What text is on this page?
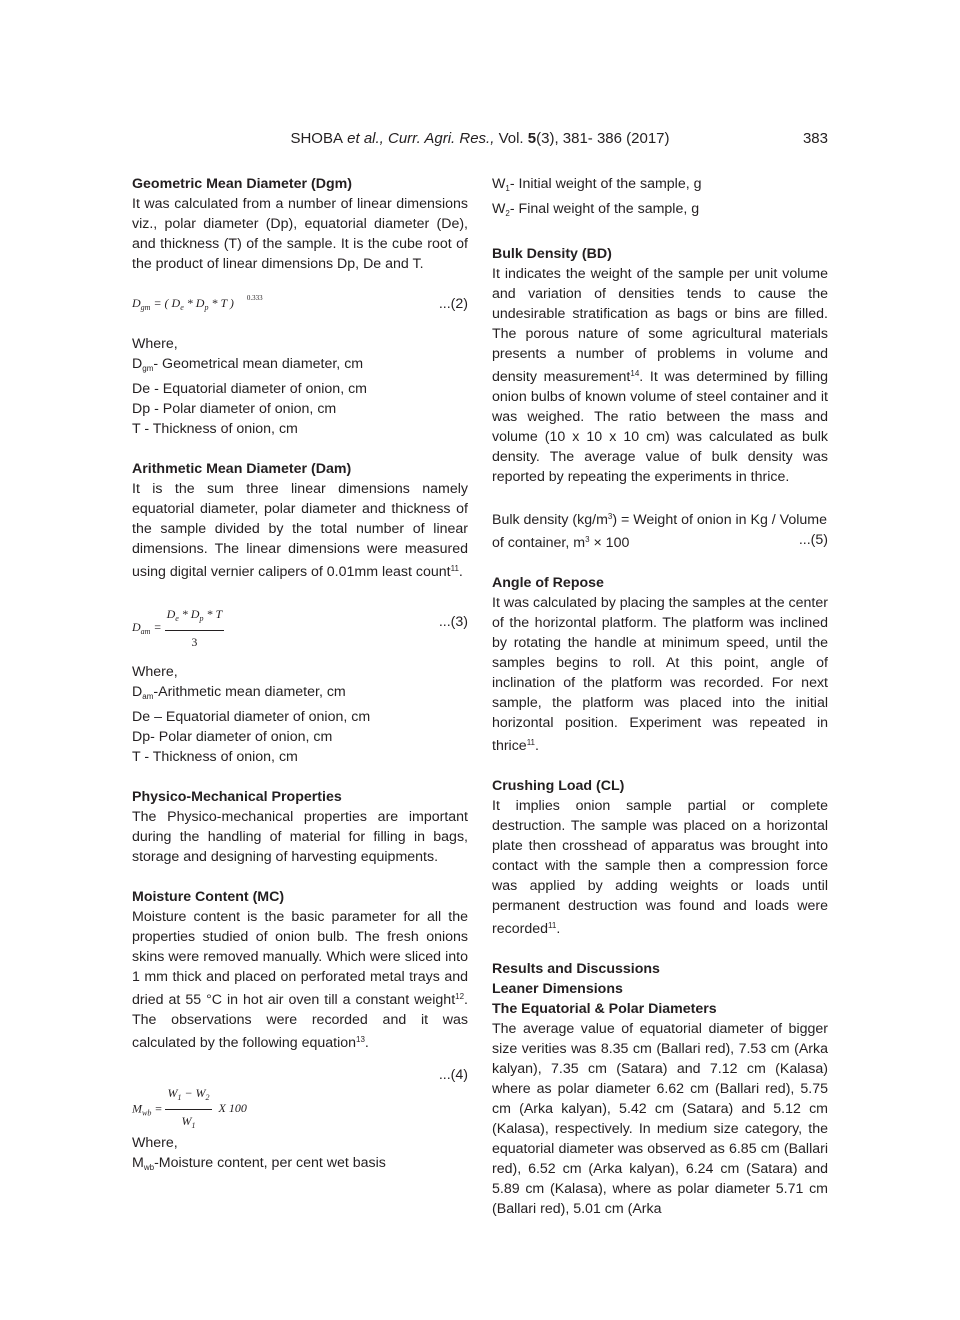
SHOBA et al., Curr. Agri. Res., Vol. 5(3), 381- 386 (2017)	383

Geometric Mean Diameter (Dgm)

It was calculated from a number of linear dimensions viz., polar diameter (Dp), equatorial diameter (De), and thickness (T) of the sample. It is the cube root of the product of linear dimensions Dp, De and T.

$D_{gm}$ = ( $D_e * D_p$ * T ) $^{0.333}$	...(2)

Where,

$D_{gm}-$ Geometrical mean diameter, cm

De - Equatorial diameter of onion, cm

Dp - Polar diameter of onion, cm

T - Thickness of onion, cm

Arithmetic Mean Diameter (Dam)

It is the sum three linear dimensions namely equatorial diameter, polar diameter and thickness of the sample divided by the total number of linear dimensions. The linear dimensions were measured using digital vernier calipers of 0.01mm least count$^{11}$.

$D_{am} = \frac{D_e * D_p * T}{3}$	...(3)

Where,

$D_{am}$-Arithmetic mean diameter, cm

De – Equatorial diameter of onion, cm

Dp- Polar diameter of onion, cm

T - Thickness of onion, cm

Physico-Mechanical Properties

The Physico-mechanical properties are important during the handling of material for filling in bags, storage and designing of harvesting equipments.

Moisture Content (MC)

Moisture content is the basic parameter for all the properties studied of onion bulb. The fresh onions skins were removed manually. Which were sliced into 1 mm thick and placed on perforated metal trays and dried at 55 °C in hot air oven till a constant weight$^{12}$. The observations were recorded and it was calculated by the following equation$^{13}$.

...(4)
$M_{wb} = \frac{W_1 - W_2}{W_1}$ X 100

Where,

$M_{wb}$-Moisture content, per cent wet basis

$W_1-$ Initial weight of the sample, g

$W_2-$ Final weight of the sample, g

Bulk Density (BD)

It indicates the weight of the sample per unit volume and variation of densities tends to cause the undesirable stratification as bags or bins are filled. The porous nature of some agricultural materials presents a number of problems in volume and density measurement$^{14}$. It was determined by filling onion bulbs of known volume of steel container and it was weighed. The ratio between the mass and volume (10 x 10 x 10 cm) was calculated as bulk density. The average value of bulk density was reported by repeating the experiments in thrice.

Bulk density $(kg/m^3)$ = Weight of onion in Kg / Volume

of container, $m^3 \times 100$	...(5)

Angle of Repose

It was calculated by placing the samples at the center of the horizontal platform. The platform was inclined by rotating the handle at minimum speed, until the samples begins to roll. At this point, angle of inclination of the platform was recorded. For next sample, the platform was placed into the initial horizontal position. Experiment was repeated in thrice$^{11}$.

Crushing Load (CL)

It implies onion sample partial or complete destruction. The sample was placed on a horizontal plate then crosshead of apparatus was brought into contact with the sample then a compression force was applied by adding weights or loads until permanent destruction was found and loads were recorded$^{11}$.

Results and Discussions

Leaner Dimensions

The Equatorial & Polar Diameters

The average value of equatorial diameter of bigger size verities was 8.35 cm (Ballari red), 7.53 cm (Arka kalyan), 7.35 cm (Satara) and 7.12 cm (Kalasa) where as polar diameter 6.62 cm (Ballari red), 5.75 cm (Arka kalyan), 5.42 cm (Satara) and 5.12 cm (Kalasa), respectively. In medium size category, the equatorial diameter was observed as 6.85 cm (Ballari red), 6.52 cm (Arka kalyan), 6.24 cm (Satara) and 5.89 cm (Kalasa), where as polar diameter 5.71 cm (Ballari red), 5.01 cm (Arka
